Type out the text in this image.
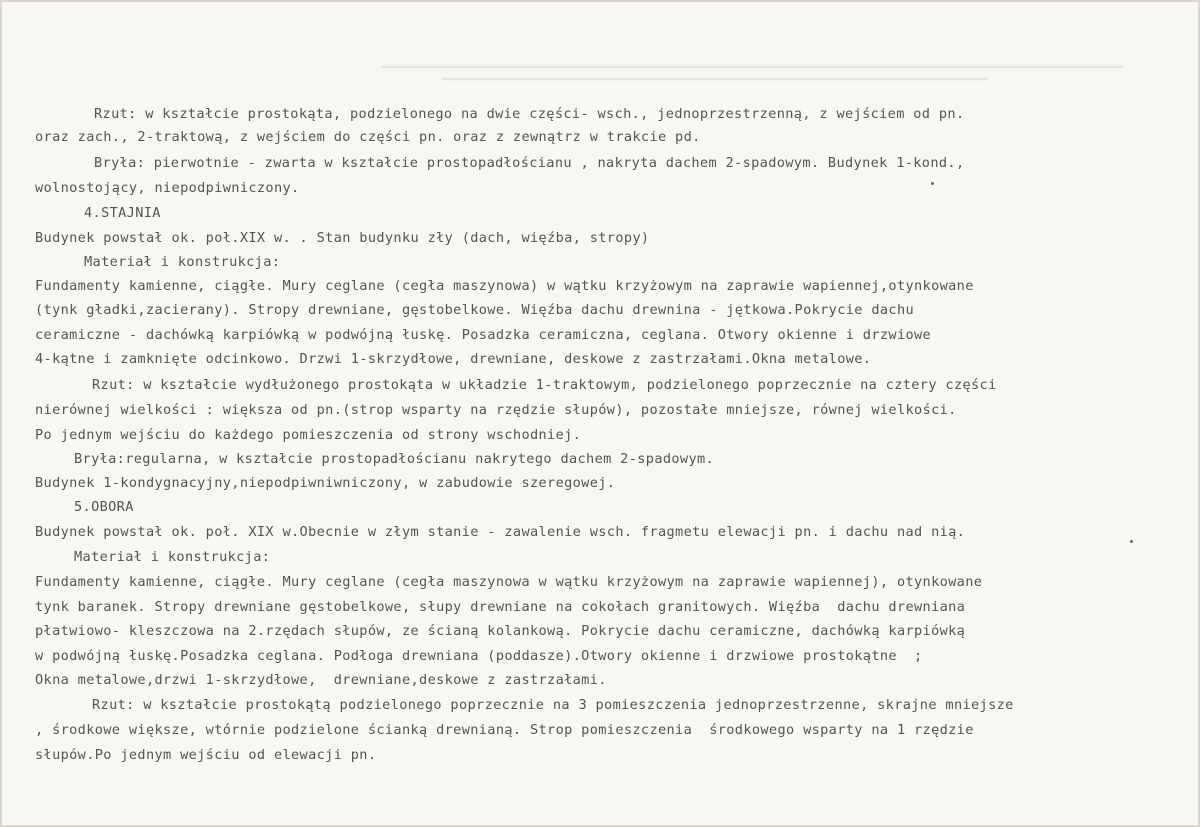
Rzut: w kształcie prostokąta, podzielonego na dwie części- wsch., jednoprzestrzenną, z wejściem od pn.
oraz zach., 2-traktową, z wejściem do części pn. oraz z zewnątrz w trakcie pd.
Bryła: pierwotnie - zwarta w kształcie prostopadłościanu , nakryta dachem 2-spadowym. Budynek 1-kond.,
wolnostojący, niepodpiwniczony.
4.STAJNIA
Budynek powstał ok. poł.XIX w. . Stan budynku zły (dach, więźba, stropy)
Materiał i konstrukcja:
Fundamenty kamienne, ciągłe. Mury ceglane (cegła maszynowa) w wątku krzyżowym na zaprawie wapiennej,otynkowane
(tynk gładki,zacierany). Stropy drewniane, gęstobelkowe. Więźba dachu drewnina - jętkowa.Pokrycie dachu
ceramiczne - dachówką karpiówką w podwójną łuskę. Posadzka ceramiczna, ceglana. Otwory okienne i drzwiowe
4-kątne i zamknięte odcinkowo. Drzwi 1-skrzydłowe, drewniane, deskowe z zastrzałami.Okna metalowe.
Rzut: w kształcie wydłużonego prostokąta w układzie 1-traktowym, podzielonego poprzecznie na cztery części
nierównej wielkości : większa od pn.(strop wsparty na rzędzie słupów), pozostałe mniejsze, równej wielkości.
Po jednym wejściu do każdego pomieszczenia od strony wschodniej.
Bryła:regularna, w kształcie prostopadłościanu nakrytego dachem 2-spadowym.
Budynek 1-kondygnacyjny,niepodpiwniwniczony, w zabudowie szeregowej.
5.OBORA
Budynek powstał ok. poł. XIX w.Obecnie w złym stanie - zawalenie wsch. fragmetu elewacji pn. i dachu nad nią.
Materiał i konstrukcja:
Fundamenty kamienne, ciągłe. Mury ceglane (cegła maszynowa w wątku krzyżowym na zaprawie wapiennej), otynkowane
tynk baranek. Stropy drewniane gęstobelkowe, słupy drewniane na cokołach granitowych. Więźba  dachu drewniana
płatwiowo- kleszczowa na 2.rzędach słupów, ze ścianą kolankową. Pokrycie dachu ceramiczne, dachówką karpiówką
w podwójną łuskę.Posadzka ceglana. Podłoga drewniana (poddasze).Otwory okienne i drzwiowe prostokątne  ;
Okna metalowe,drzwi 1-skrzydłowe,  drewniane,deskowe z zastrzałami.
Rzut: w kształcie prostokątą podzielonego poprzecznie na 3 pomieszczenia jednoprzestrzenne, skrajne mniejsze
, środkowe większe, wtórnie podzielone ścianką drewnianą. Strop pomieszczenia  środkowego wsparty na 1 rzędzie
słupów.Po jednym wejściu od elewacji pn.
